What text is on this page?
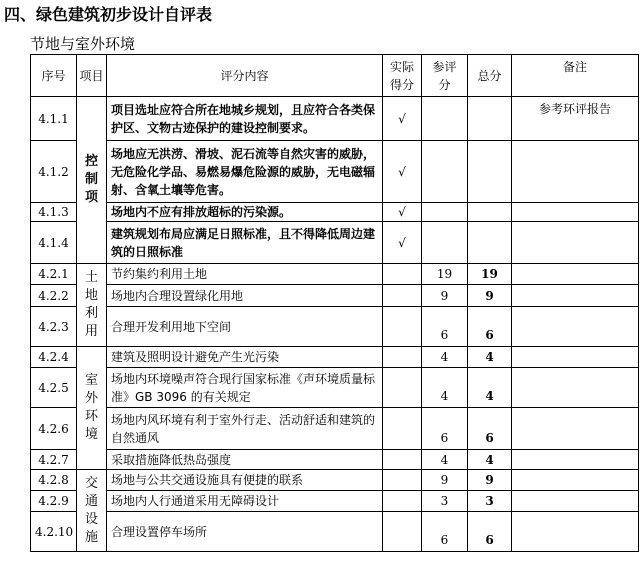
四、绿色建筑初步设计自评表
节地与室外环境
序号	项目	评分内容	实际得分	参评分	总分	备注
4.1.1	控制项	项目选址应符合所在地城乡规划，且应符合各类保护区、文物古迹保护的建设控制要求。	√			参考环评报告
4.1.2		场地应无洪涝、滑坡、泥石流等自然灾害的威胁，无危险化学品、易燃易爆危险源的威胁，无电磁辐射、含氧土壤等危害。	√			
4.1.3		场地内不应有排放超标的污染源。	√			
4.1.4		建筑规划布局应满足日照标准，且不得降低周边建筑的日照标准	√			
4.2.1	土地利用	节约集约利用土地		19	19	
4.2.2		场地内合理设置绿化用地		9	9	
4.2.3		合理开发利用地下空间		6	6	
4.2.4	室外环境	建筑及照明设计避免产生光污染		4	4	
4.2.5		场地内环境噪声符合现行国家标准《声环境质量标准》GB 3096 的有关规定		4	4	
4.2.6		场地内风环境有利于室外行走、活动舒适和建筑的自然通风		6	6	
4.2.7		采取措施降低热岛强度		4	4	
4.2.8	交通设施	场地与公共交通设施具有便捷的联系		9	9	
4.2.9		场地内人行通道采用无障碍设计		3	3	
4.2.10		合理设置停车场所		6	6	
